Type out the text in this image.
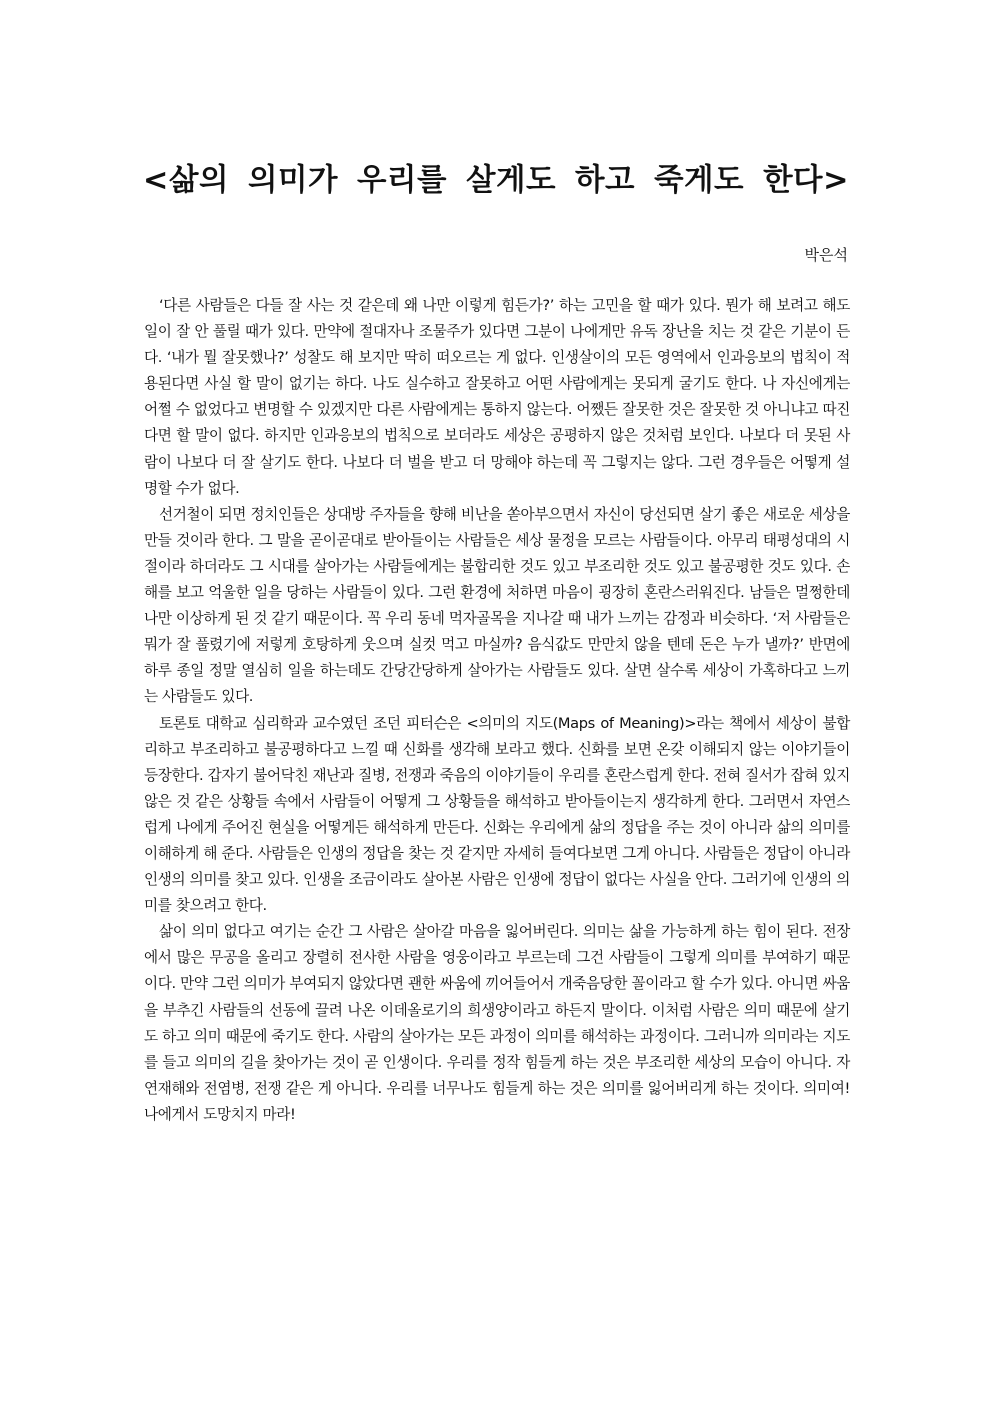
<삶의 의미가 우리를 살게도 하고 죽게도 한다>

박은석

‘다른 사람들은 다들 잘 사는 것 같은데 왜 나만 이렇게 힘든가?’ 하는 고민을 할 때가 있다. 뭔가 해 보려고 해도 일이 잘 안 풀릴 때가 있다. 만약에 절대자나 조물주가 있다면 그분이 나에게만 유독 장난을 치는 것 같은 기분이 든다. ‘내가 뭘 잘못했나?’ 성찰도 해 보지만 딱히 떠오르는 게 없다. 인생살이의 모든 영역에서 인과응보의 법칙이 적용된다면 사실 할 말이 없기는 하다. 나도 실수하고 잘못하고 어떤 사람에게는 못되게 굴기도 한다. 나 자신에게는 어쩔 수 없었다고 변명할 수 있겠지만 다른 사람에게는 통하지 않는다. 어쨌든 잘못한 것은 잘못한 것 아니냐고 따진다면 할 말이 없다. 하지만 인과응보의 법칙으로 보더라도 세상은 공평하지 않은 것처럼 보인다. 나보다 더 못된 사람이 나보다 더 잘 살기도 한다. 나보다 더 벌을 받고 더 망해야 하는데 꼭 그렇지는 않다. 그런 경우들은 어떻게 설명할 수가 없다.

선거철이 되면 정치인들은 상대방 주자들을 향해 비난을 쏟아부으면서 자신이 당선되면 살기 좋은 새로운 세상을 만들 것이라 한다. 그 말을 곧이곧대로 받아들이는 사람들은 세상 물정을 모르는 사람들이다. 아무리 태평성대의 시절이라 하더라도 그 시대를 살아가는 사람들에게는 불합리한 것도 있고 부조리한 것도 있고 불공평한 것도 있다. 손해를 보고 억울한 일을 당하는 사람들이 있다. 그런 환경에 처하면 마음이 굉장히 혼란스러워진다. 남들은 멀쩡한데 나만 이상하게 된 것 같기 때문이다. 꼭 우리 동네 먹자골목을 지나갈 때 내가 느끼는 감정과 비슷하다. ‘저 사람들은 뭐가 잘 풀렸기에 저렇게 호탕하게 웃으며 실컷 먹고 마실까? 음식값도 만만치 않을 텐데 돈은 누가 낼까?’ 반면에 하루 종일 정말 열심히 일을 하는데도 간당간당하게 살아가는 사람들도 있다. 살면 살수록 세상이 가혹하다고 느끼는 사람들도 있다.

토론토 대학교 심리학과 교수였던 조던 피터슨은 <의미의 지도(Maps of Meaning)>라는 책에서 세상이 불합리하고 부조리하고 불공평하다고 느낄 때 신화를 생각해 보라고 했다. 신화를 보면 온갖 이해되지 않는 이야기들이 등장한다. 갑자기 불어닥친 재난과 질병, 전쟁과 죽음의 이야기들이 우리를 혼란스럽게 한다. 전혀 질서가 잡혀 있지 않은 것 같은 상황들 속에서 사람들이 어떻게 그 상황들을 해석하고 받아들이는지 생각하게 한다. 그러면서 자연스럽게 나에게 주어진 현실을 어떻게든 해석하게 만든다. 신화는 우리에게 삶의 정답을 주는 것이 아니라 삶의 의미를 이해하게 해 준다. 사람들은 인생의 정답을 찾는 것 같지만 자세히 들여다보면 그게 아니다. 사람들은 정답이 아니라 인생의 의미를 찾고 있다. 인생을 조금이라도 살아본 사람은 인생에 정답이 없다는 사실을 안다. 그러기에 인생의 의미를 찾으려고 한다.

삶이 의미 없다고 여기는 순간 그 사람은 살아갈 마음을 잃어버린다. 의미는 삶을 가능하게 하는 힘이 된다. 전장에서 많은 무공을 올리고 장렬히 전사한 사람을 영웅이라고 부르는데 그건 사람들이 그렇게 의미를 부여하기 때문이다. 만약 그런 의미가 부여되지 않았다면 괜한 싸움에 끼어들어서 개죽음당한 꼴이라고 할 수가 있다. 아니면 싸움을 부추긴 사람들의 선동에 끌려 나온 이데올로기의 희생양이라고 하든지 말이다. 이처럼 사람은 의미 때문에 살기도 하고 의미 때문에 죽기도 한다. 사람의 살아가는 모든 과정이 의미를 해석하는 과정이다. 그러니까 의미라는 지도를 들고 의미의 길을 찾아가는 것이 곧 인생이다. 우리를 정작 힘들게 하는 것은 부조리한 세상의 모습이 아니다. 자연재해와 전염병, 전쟁 같은 게 아니다. 우리를 너무나도 힘들게 하는 것은 의미를 잃어버리게 하는 것이다. 의미여! 나에게서 도망치지 마라!
